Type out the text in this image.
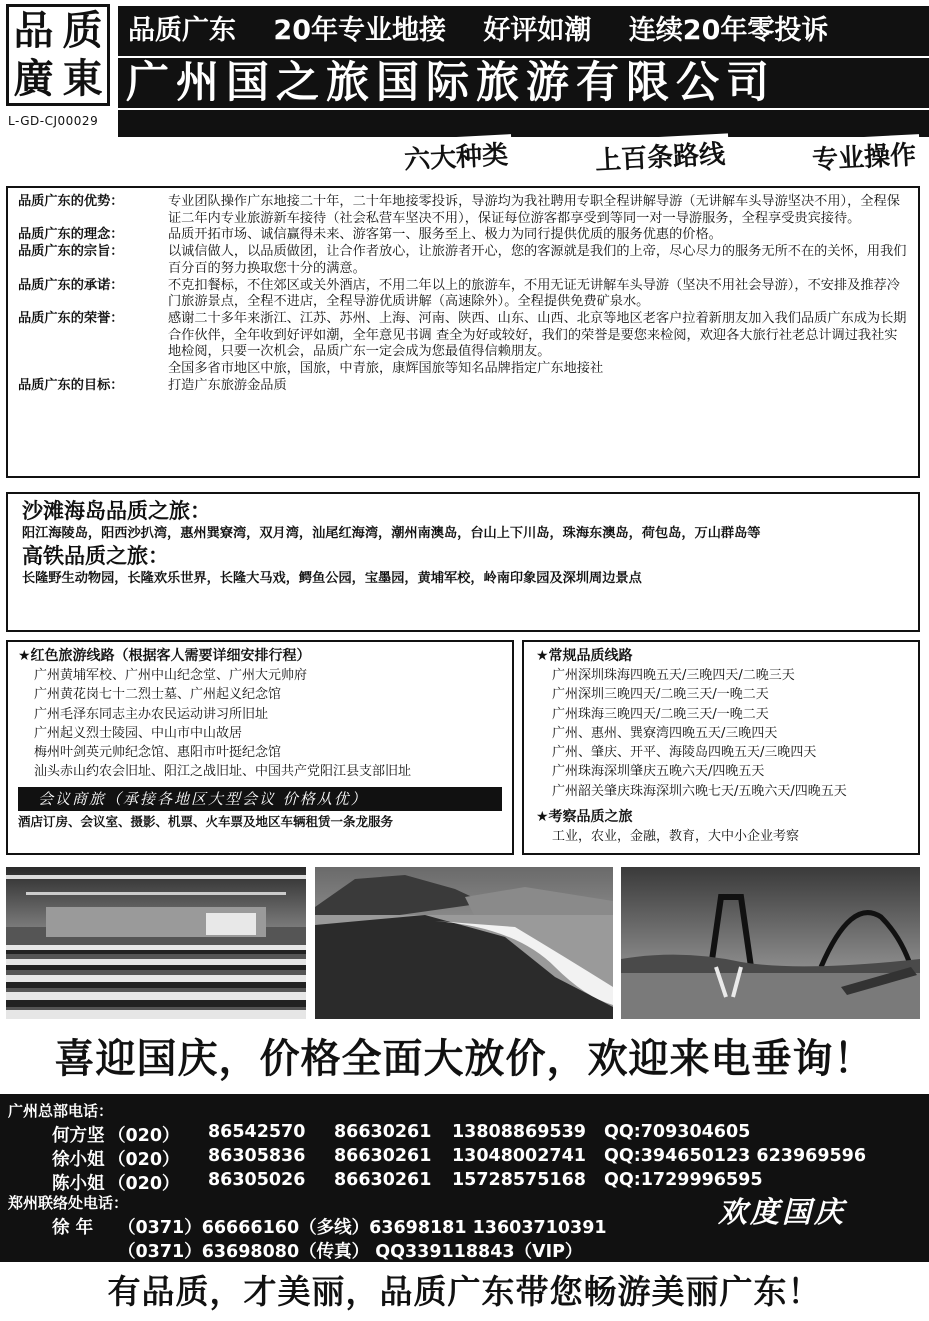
品 质
廣 東
L-GD-CJ00029
品质广东 20年专业地接 好评如潮 连续20年零投诉
广州国之旅国际旅游有限公司
六大种类	上百条路线	专业操作
品质广东的优势：	专业团队操作广东地接二十年，二十年地接零投诉，导游均为我社聘用专职全程讲解导游（无讲解车头导游坚决不用），全程保证二年内专业旅游新车接待（社会私营车坚决不用），保证每位游客都享受到等同一对一导游服务，全程享受贵宾接待。
品质广东的理念：	品质开拓市场、诚信赢得未来、游客第一、服务至上、极力为同行提供优质的服务优惠的价格。
品质广东的宗旨：	以诚信做人，以品质做团，让合作者放心，让旅游者开心，您的客源就是我们的上帝，尽心尽力的服务无所不在的关怀，用我们百分百的努力换取您十分的满意。
品质广东的承诺：	不克扣餐标，不住郊区或关外酒店，不用二年以上的旅游车，不用无证无讲解车头导游（坚决不用社会导游），不安排及推荐冷门旅游景点，全程不进店，全程导游优质讲解（高速除外）。全程提供免费矿泉水。
品质广东的荣誉：	感谢二十多年来浙江、江苏、苏州、上海、河南、陕西、山东、山西、北京等地区老客户拉着新朋友加入我们品质广东成为长期合作伙伴，全年收到好评如潮，全年意见书调 查全为好或较好，我们的荣誉是要您来检阅，欢迎各大旅行社老总计调过我社实地检阅，只要一次机会，品质广东一定会成为您最值得信赖朋友。
全国多省市地区中旅，国旅，中青旅，康辉国旅等知名品牌指定广东地接社
品质广东的目标：	打造广东旅游金品质
沙滩海岛品质之旅：
阳江海陵岛，阳西沙扒湾，惠州巽寮湾，双月湾，汕尾红海湾，潮州南澳岛，台山上下川岛，珠海东澳岛，荷包岛，万山群岛等
高铁品质之旅：
长隆野生动物园，长隆欢乐世界，长隆大马戏，鳄鱼公园，宝墨园，黄埔军校，岭南印象园及深圳周边景点
★红色旅游线路（根据客人需要详细安排行程）
广州黄埔军校、广州中山纪念堂、广州大元帅府
广州黄花岗七十二烈士墓、广州起义纪念馆
广州毛泽东同志主办农民运动讲习所旧址
广州起义烈士陵园、中山市中山故居
梅州叶剑英元帅纪念馆、惠阳市叶挺纪念馆
汕头赤山约农会旧址、阳江之战旧址、中国共产党阳江县支部旧址
会议商旅（承接各地区大型会议 价格从优）
酒店订房、会议室、摄影、机票、火车票及地区车辆租赁一条龙服务
★常规品质线路
广州深圳珠海四晚五天/三晚四天/二晚三天
广州深圳三晚四天/二晚三天/一晚二天
广州珠海三晚四天/二晚三天/一晚二天
广州、惠州、巽寮湾四晚五天/三晚四天
广州、肇庆、开平、海陵岛四晚五天/三晚四天
广州珠海深圳肇庆五晚六天/四晚五天
广州韶关肇庆珠海深圳六晚七天/五晚六天/四晚五天
★考察品质之旅
工业，农业，金融，教育，大中小企业考察
喜迎国庆，价格全面大放价，欢迎来电垂询！
广州总部电话：
何方坚 （020） 86542570 86630261 13808869539 QQ:709304605
徐小姐 （020） 86305836 86630261 13048002741 QQ:394650123 623969596
陈小姐 （020） 86305026 86630261 15728575168 QQ:1729996595
郑州联络处电话：
徐 年 （0371）66666160（多线）63698181 13603710391
（0371）63698080（传真） QQ339118843（VIP）
欢度国庆
有品质，才美丽，品质广东带您畅游美丽广东！
